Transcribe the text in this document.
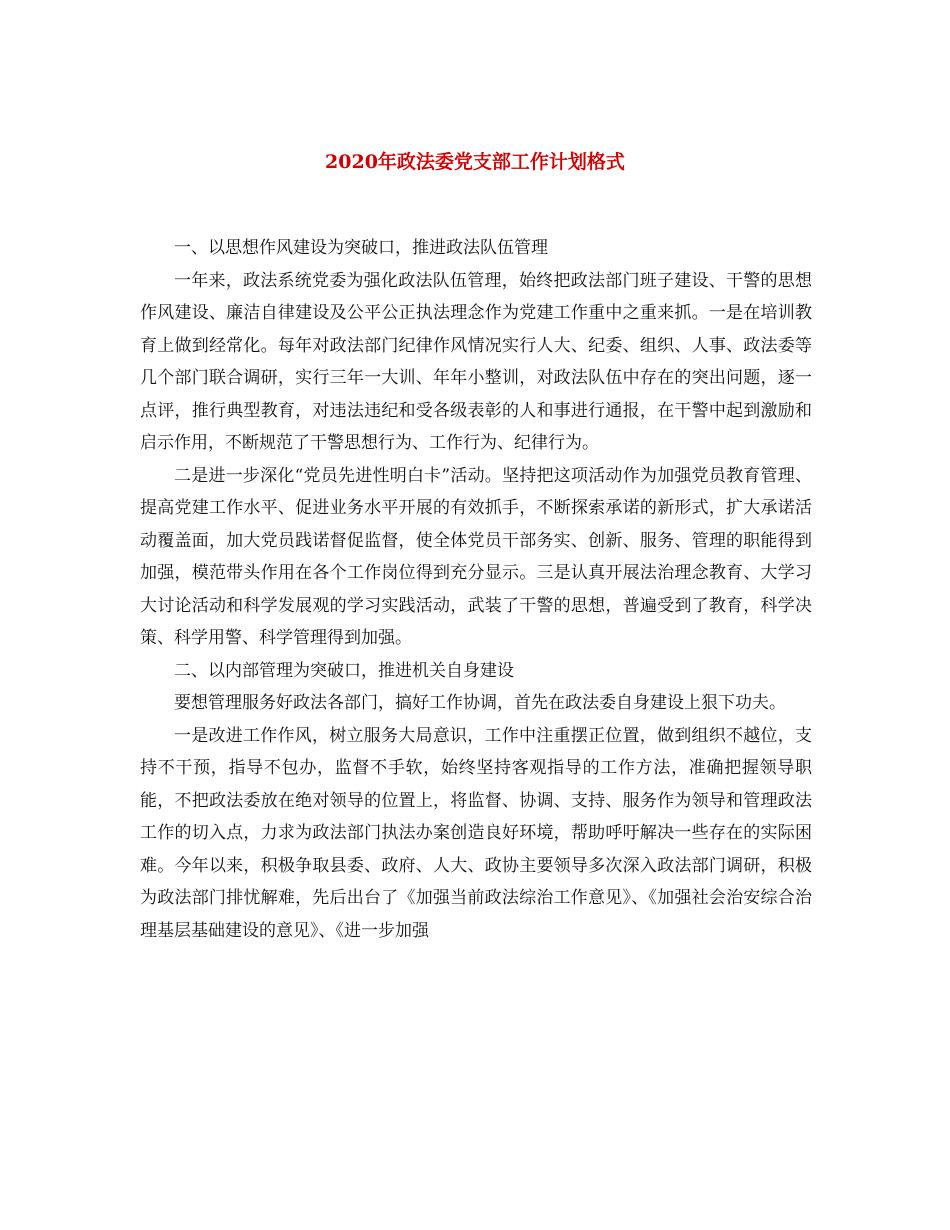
2020年政法委党支部工作计划格式

一、以思想作风建设为突破口，推进政法队伍管理

一年来，政法系统党委为强化政法队伍管理，始终把政法部门班子建设、干警的思想作风建设、廉洁自律建设及公平公正执法理念作为党建工作重中之重来抓。一是在培训教育上做到经常化。每年对政法部门纪律作风情况实行人大、纪委、组织、人事、政法委等几个部门联合调研，实行三年一大训、年年小整训，对政法队伍中存在的突出问题，逐一点评，推行典型教育，对违法违纪和受各级表彰的人和事进行通报，在干警中起到激励和启示作用，不断规范了干警思想行为、工作行为、纪律行为。

二是进一步深化“党员先进性明白卡”活动。坚持把这项活动作为加强党员教育管理、提高党建工作水平、促进业务水平开展的有效抓手，不断探索承诺的新形式，扩大承诺活动覆盖面，加大党员践诺督促监督，使全体党员干部务实、创新、服务、管理的职能得到加强，模范带头作用在各个工作岗位得到充分显示。三是认真开展法治理念教育、大学习大讨论活动和科学发展观的学习实践活动，武装了干警的思想，普遍受到了教育，科学决策、科学用警、科学管理得到加强。

二、以内部管理为突破口，推进机关自身建设

要想管理服务好政法各部门，搞好工作协调，首先在政法委自身建设上狠下功夫。

一是改进工作作风，树立服务大局意识，工作中注重摆正位置，做到组织不越位，支持不干预，指导不包办，监督不手软，始终坚持客观指导的工作方法，准确把握领导职能，不把政法委放在绝对领导的位置上，将监督、协调、支持、服务作为领导和管理政法工作的切入点，力求为政法部门执法办案创造良好环境，帮助呼吁解决一些存在的实际困难。今年以来，积极争取县委、政府、人大、政协主要领导多次深入政法部门调研，积极为政法部门排忧解难，先后出台了《加强当前政法综治工作意见》、《加强社会治安综合治理基层基础建设的意见》、《进一步加强
